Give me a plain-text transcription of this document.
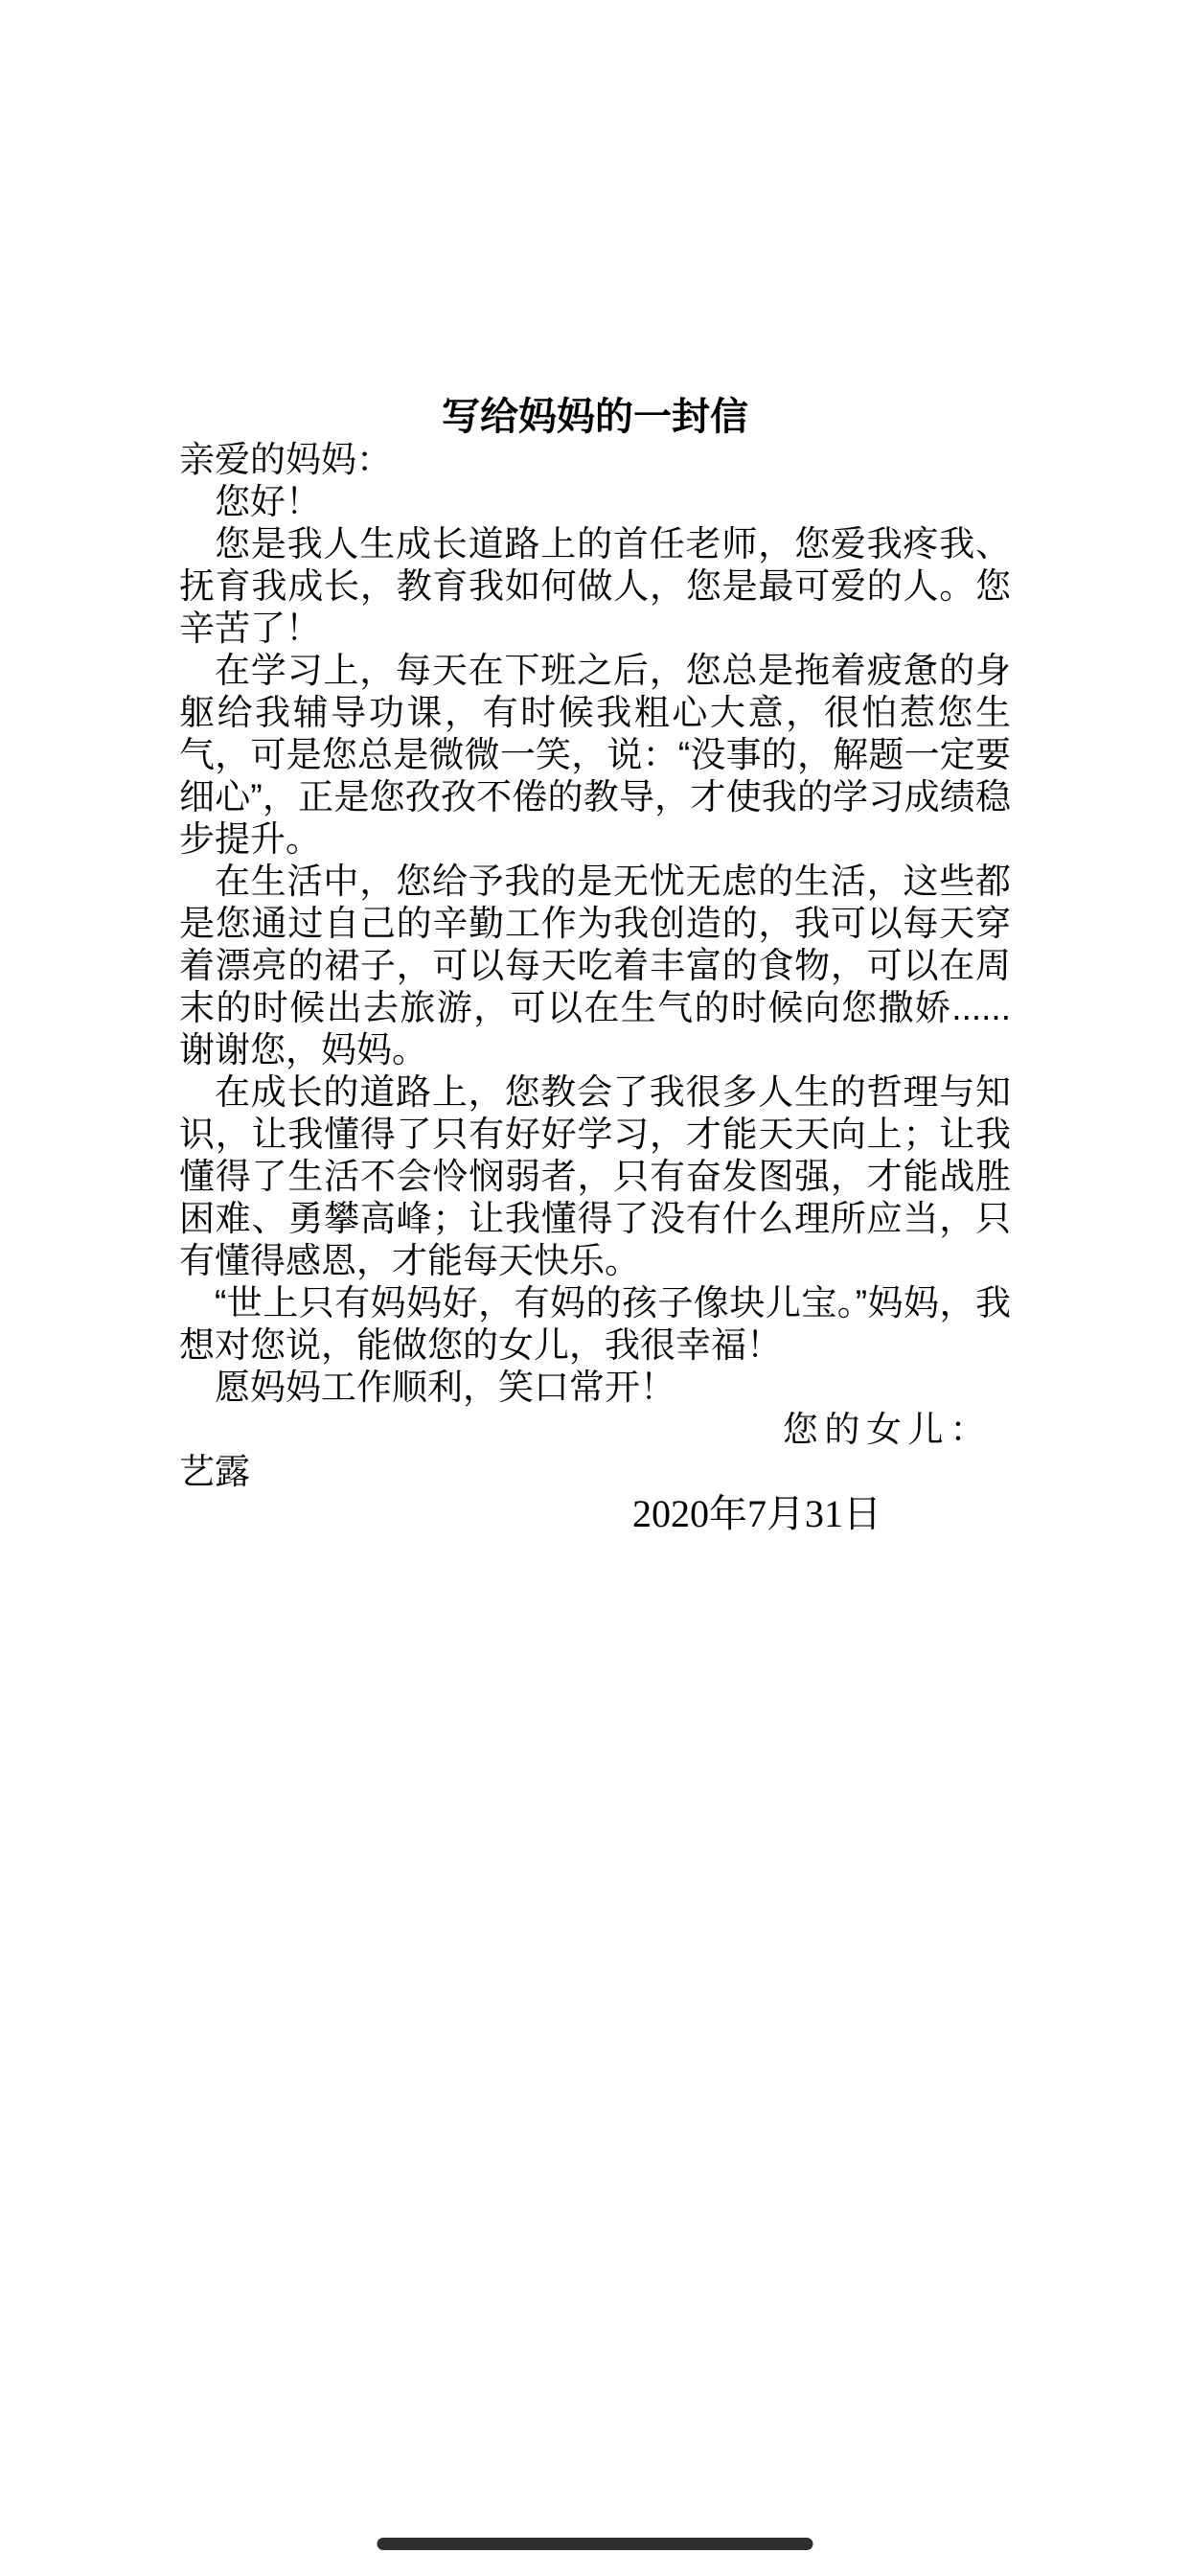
写给妈妈的一封信

亲爱的妈妈：

您好！

您是我人生成长道路上的首任老师，您爱我疼我、抚育我成长，教育我如何做人，您是最可爱的人。您辛苦了！

在学习上，每天在下班之后，您总是拖着疲惫的身躯给我辅导功课，有时候我粗心大意，很怕惹您生气，可是您总是微微一笑，说：“没事的，解题一定要细心”，正是您孜孜不倦的教导，才使我的学习成绩稳步提升。

在生活中，您给予我的是无忧无虑的生活，这些都是您通过自己的辛勤工作为我创造的，我可以每天穿着漂亮的裙子，可以每天吃着丰富的食物，可以在周末的时候出去旅游，可以在生气的时候向您撒娇......谢谢您，妈妈。

在成长的道路上，您教会了我很多人生的哲理与知识，让我懂得了只有好好学习，才能天天向上；让我懂得了生活不会怜悯弱者，只有奋发图强，才能战胜困难、勇攀高峰；让我懂得了没有什么理所应当，只有懂得感恩，才能每天快乐。

“世上只有妈妈好，有妈的孩子像块儿宝。”妈妈，我想对您说，能做您的女儿，我很幸福！

愿妈妈工作顺利，笑口常开！

您的女儿：

艺露

2020年7月31日
